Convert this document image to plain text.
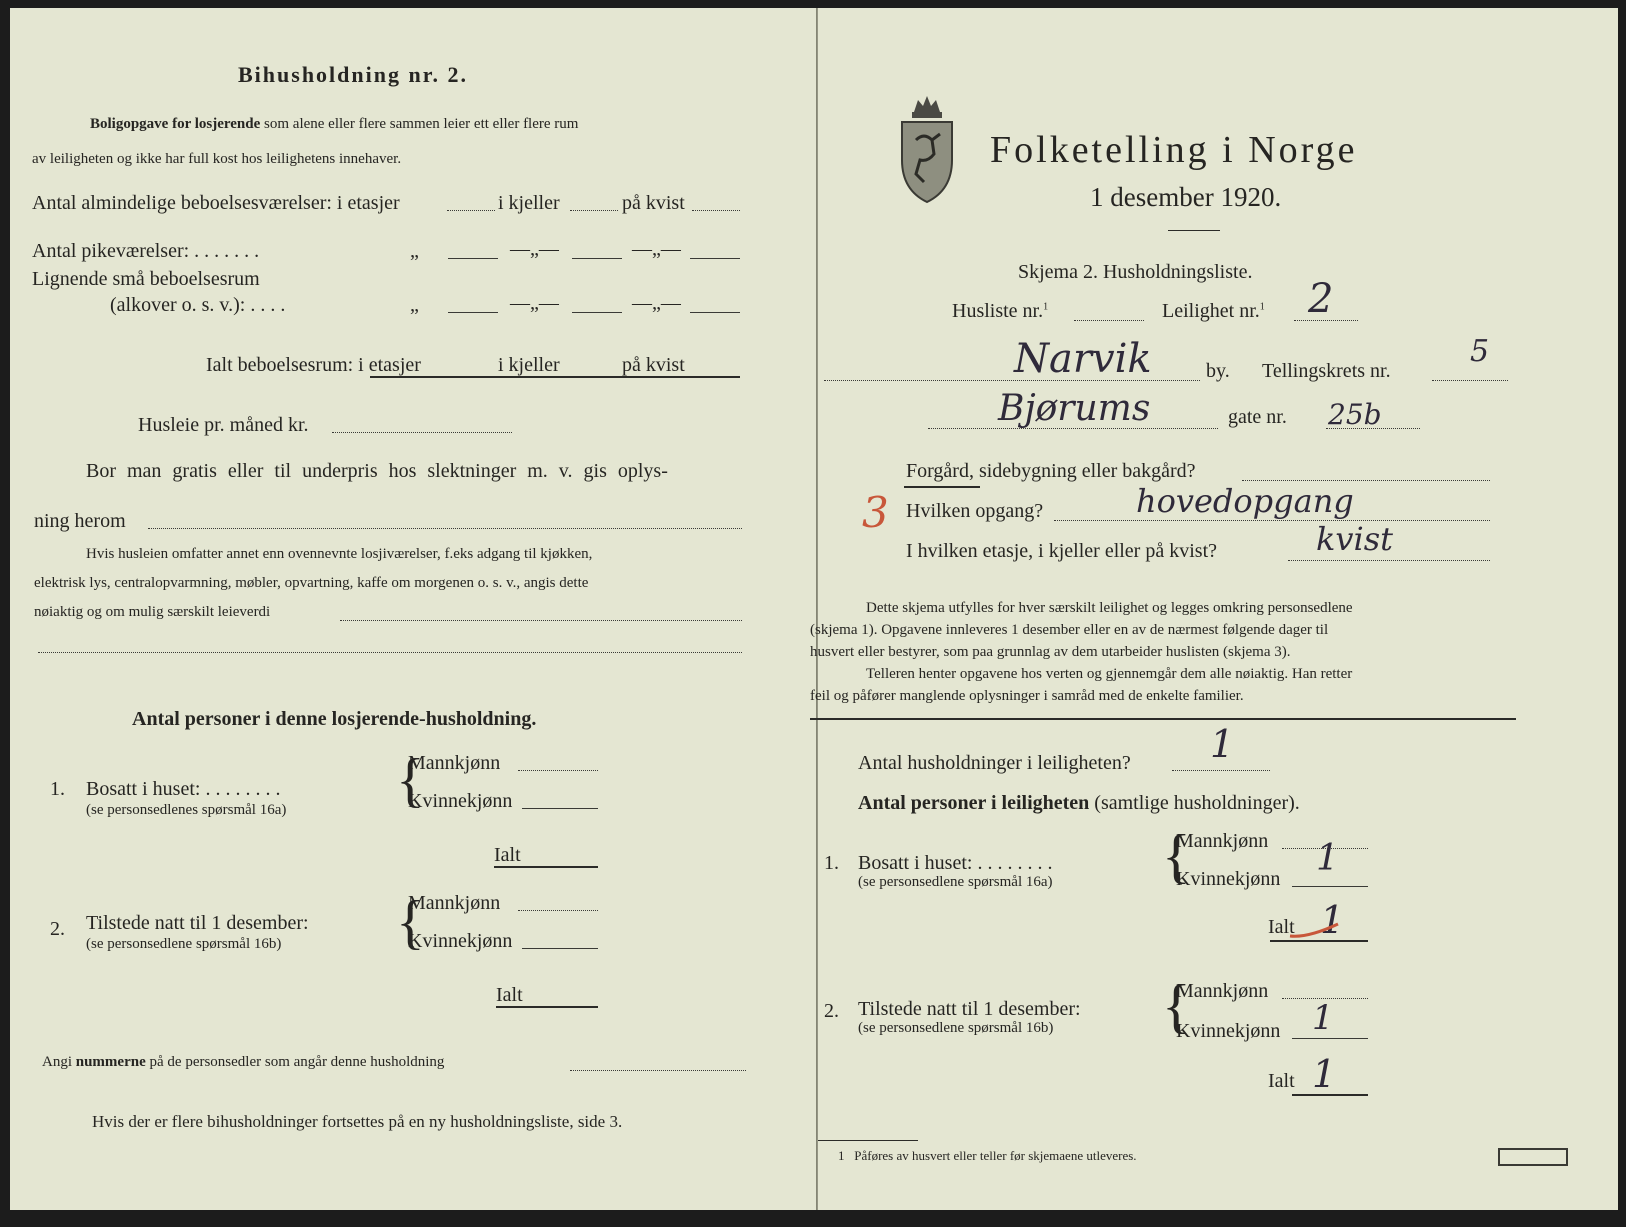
Bihusholdning nr. 2.
Boligopgave for losjerende som alene eller flere sammen leier ett eller flere rum
av leiligheten og ikke har full kost hos leilighetens innehaver.
Antal almindelige beboelsesværelser: i etasjer	i kjeller	på kvist
Antal pikeværelser: . . . . . . .	„	—„—	—„—
Lignende små beboelsesrum
(alkover o. s. v.): . . . .	„	—„—	—„—
Ialt beboelsesrum: i etasjer	i kjeller	på kvist
Husleie pr. måned kr.
Bor man gratis eller til underpris hos slektninger m. v. gis oplys-
ning herom
Hvis husleien omfatter annet enn ovennevnte losjiværelser, f.eks adgang til kjøkken,
elektrisk lys, centralopvarmning, møbler, opvartning, kaffe om morgenen o. s. v., angis dette
nøiaktig og om mulig særskilt leieverdi
Antal personer i denne losjerende-husholdning.
1. Bosatt i huset: . . . . . . . .
(se personsedlenes spørsmål 16a) {
Mannkjønn
Kvinnekjønn
Ialt
2. Tilstede natt til 1 desember:
(se personsedlene spørsmål 16b) {
Mannkjønn
Kvinnekjønn
Ialt
Angi nummerne på de personsedler som angår denne husholdning
Hvis der er flere bihusholdninger fortsettes på en ny husholdningsliste, side 3.
Folketelling i Norge
1 desember 1920.
Skjema 2. Husholdningsliste.
Husliste nr.$^1$	Leilighet nr.$^1$ 2
Narvik	by. Tellingskrets nr.
5
Bjørums	gate nr. 25b
Forgård, sidebygning eller bakgård?
3 Hvilken opgang?	hovedopgang
I hvilken etasje, i kjeller eller på kvist?	kvist
Dette skjema utfylles for hver særskilt leilighet og legges omkring personsedlene
(skjema 1). Opgavene innleveres 1 desember eller en av de nærmest følgende dager til
husvert eller bestyrer, som paa grunnlag av dem utarbeider huslisten (skjema 3).
Telleren henter opgavene hos verten og gjennemgår dem alle nøiaktig. Han retter
feil og påfører manglende oplysninger i samråd med de enkelte familier.
Antal husholdninger i leiligheten? 1
Antal personer i leiligheten (samtlige husholdninger).
1. Bosatt i huset: . . . . . . . .
(se personsedlene spørsmål 16a) {
Mannkjønn
Kvinnekjønn 1
Ialt 1
2. Tilstede natt til 1 desember:
(se personsedlene spørsmål 16b) {
Mannkjønn
Kvinnekjønn 1
Ialt 1
1 Påføres av husvert eller teller før skjemaene utleveres.
